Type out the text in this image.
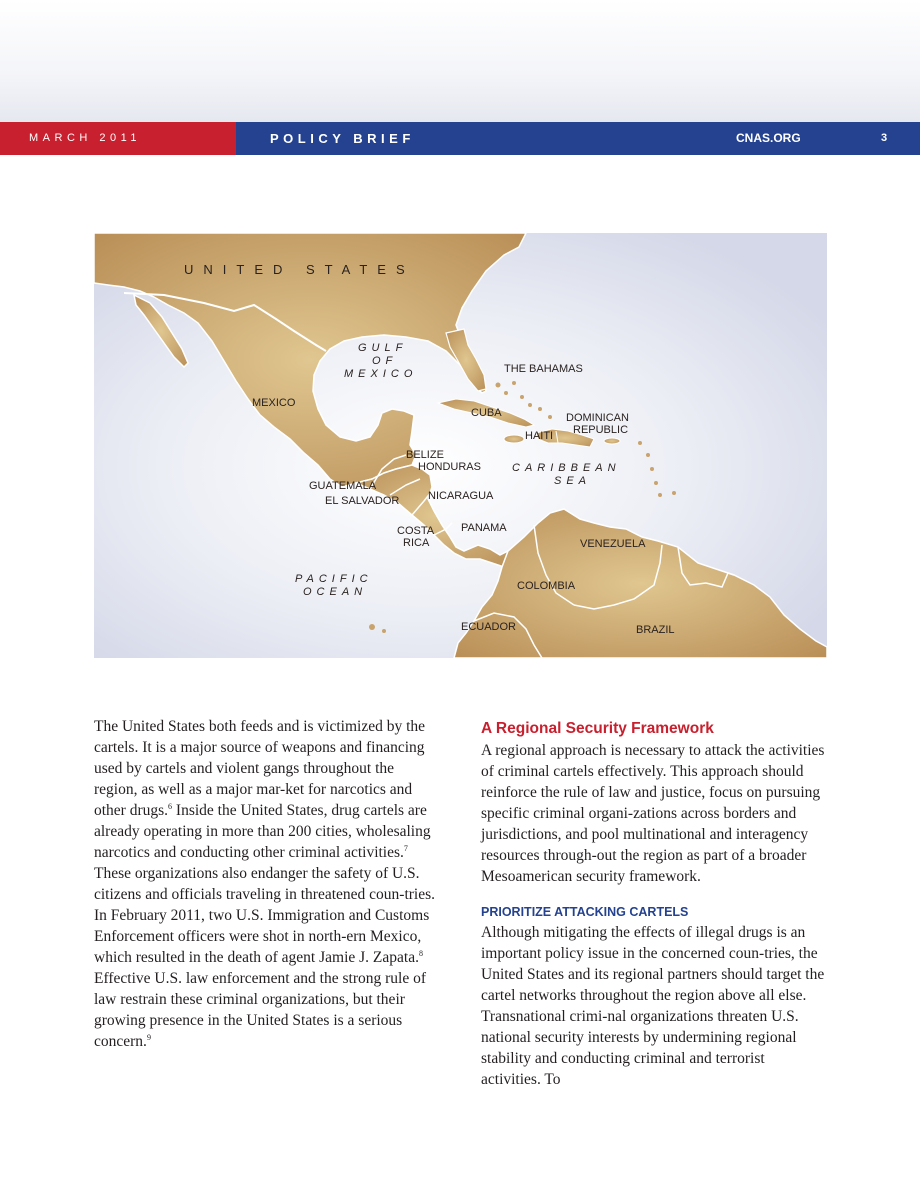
MARCH 2011	POLICY BRIEF	CNAS.ORG	3
UNITED STATES
GULF
OF
MEXICO	THE BAHAMAS
MEXICO
CUBA	DOMINICAN
REPUBLIC
HAITI
BELIZE
HONDURAS	CARIBBEAN
SEA
GUATEMALA
EL SALVADOR	NICARAGUA
COSTA
RICA
PANAMA
VENEZUELA
PACIFIC
OCEAN	COLOMBIA
ECUADOR	BRAZIL

The United States both feeds and is victimized by the cartels. It is a major source of weapons and financing used by cartels and violent gangs throughout the region, as well as a major mar-ket for narcotics and other drugs.$^6$ Inside the United States, drug cartels are already operating in more than 200 cities, wholesaling narcotics and conducting other criminal activities.$^7$ These organizations also endanger the safety of U.S. citizens and officials traveling in threatened coun-tries. In February 2011, two U.S. Immigration and Customs Enforcement officers were shot in north-ern Mexico, which resulted in the death of agent Jamie J. Zapata.$^8$ Effective U.S. law enforcement and the strong rule of law restrain these criminal organizations, but their growing presence in the United States is a serious concern.$^9$

A Regional Security Framework

A regional approach is necessary to attack the activities of criminal cartels effectively. This approach should reinforce the rule of law and justice, focus on pursuing specific criminal organi-zations across borders and jurisdictions, and pool multinational and interagency resources through-out the region as part of a broader Mesoamerican security framework.

PRIORITIZE ATTACKING CARTELS

Although mitigating the effects of illegal drugs is an important policy issue in the concerned coun-tries, the United States and its regional partners should target the cartel networks throughout the region above all else. Transnational crimi-nal organizations threaten U.S. national security interests by undermining regional stability and conducting criminal and terrorist activities. To
